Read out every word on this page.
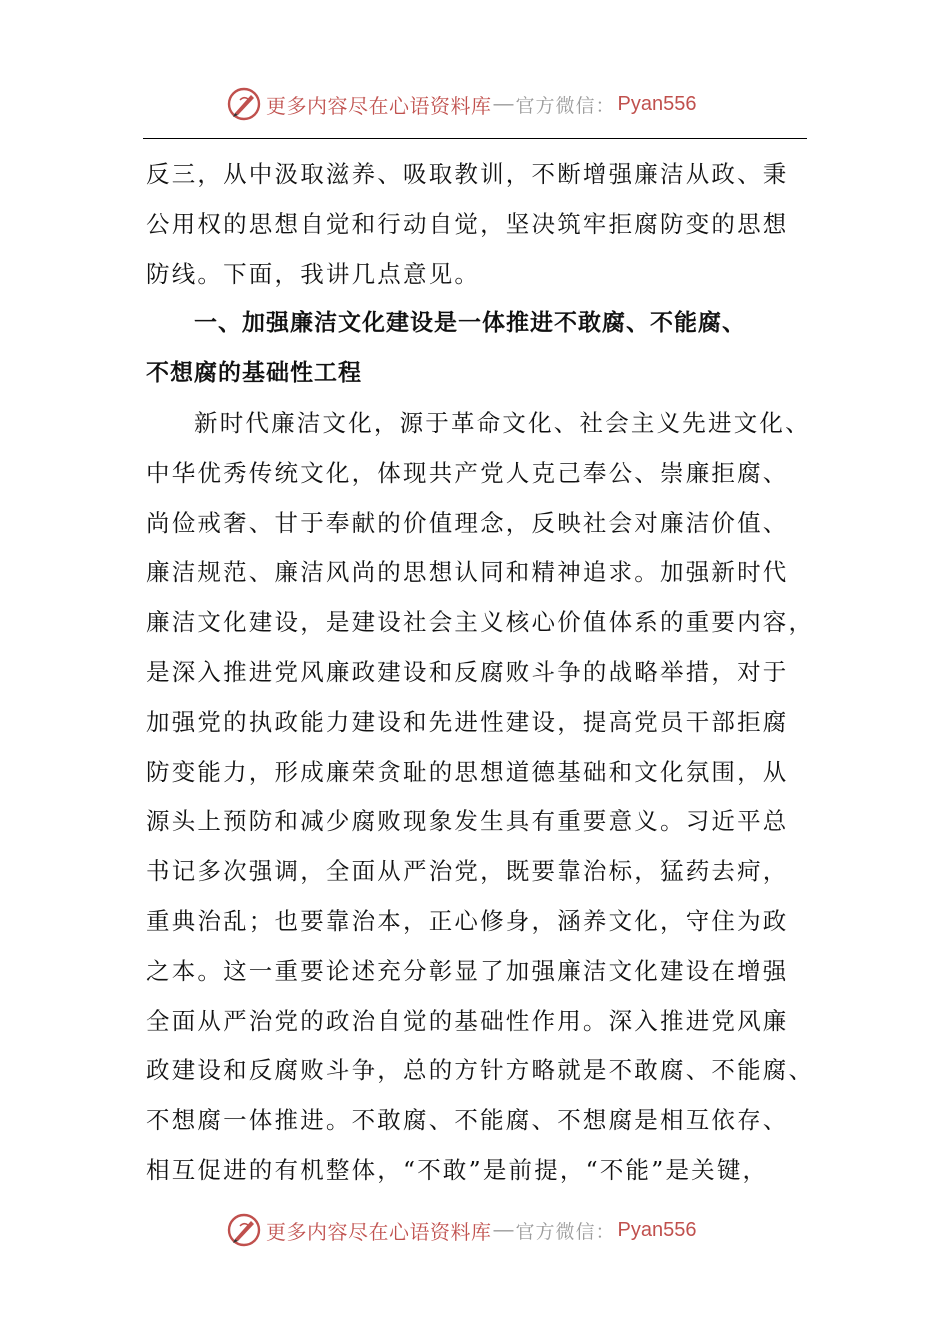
更多内容尽在心语资料库 — 官方微信： Pyan556
反三，从中汲取滋养、吸取教训，不断增强廉洁从政、秉
公用权的思想自觉和行动自觉，坚决筑牢拒腐防变的思想
防线。下面，我讲几点意见。
一、加强廉洁文化建设是一体推进不敢腐、不能腐、
不想腐的基础性工程
新时代廉洁文化，源于革命文化、社会主义先进文化、
中华优秀传统文化，体现共产党人克己奉公、崇廉拒腐、
尚俭戒奢、甘于奉献的价值理念，反映社会对廉洁价值、
廉洁规范、廉洁风尚的思想认同和精神追求。加强新时代
廉洁文化建设，是建设社会主义核心价值体系的重要内容，
是深入推进党风廉政建设和反腐败斗争的战略举措，对于
加强党的执政能力建设和先进性建设，提高党员干部拒腐
防变能力，形成廉荣贪耻的思想道德基础和文化氛围，从
源头上预防和减少腐败现象发生具有重要意义。习近平总
书记多次强调，全面从严治党，既要靠治标，猛药去疴，
重典治乱；也要靠治本，正心修身，涵养文化，守住为政
之本。这一重要论述充分彰显了加强廉洁文化建设在增强
全面从严治党的政治自觉的基础性作用。深入推进党风廉
政建设和反腐败斗争，总的方针方略就是不敢腐、不能腐、
不想腐一体推进。不敢腐、不能腐、不想腐是相互依存、
相互促进的有机整体，“不敢”是前提，“不能”是关键，
更多内容尽在心语资料库 — 官方微信： Pyan556
